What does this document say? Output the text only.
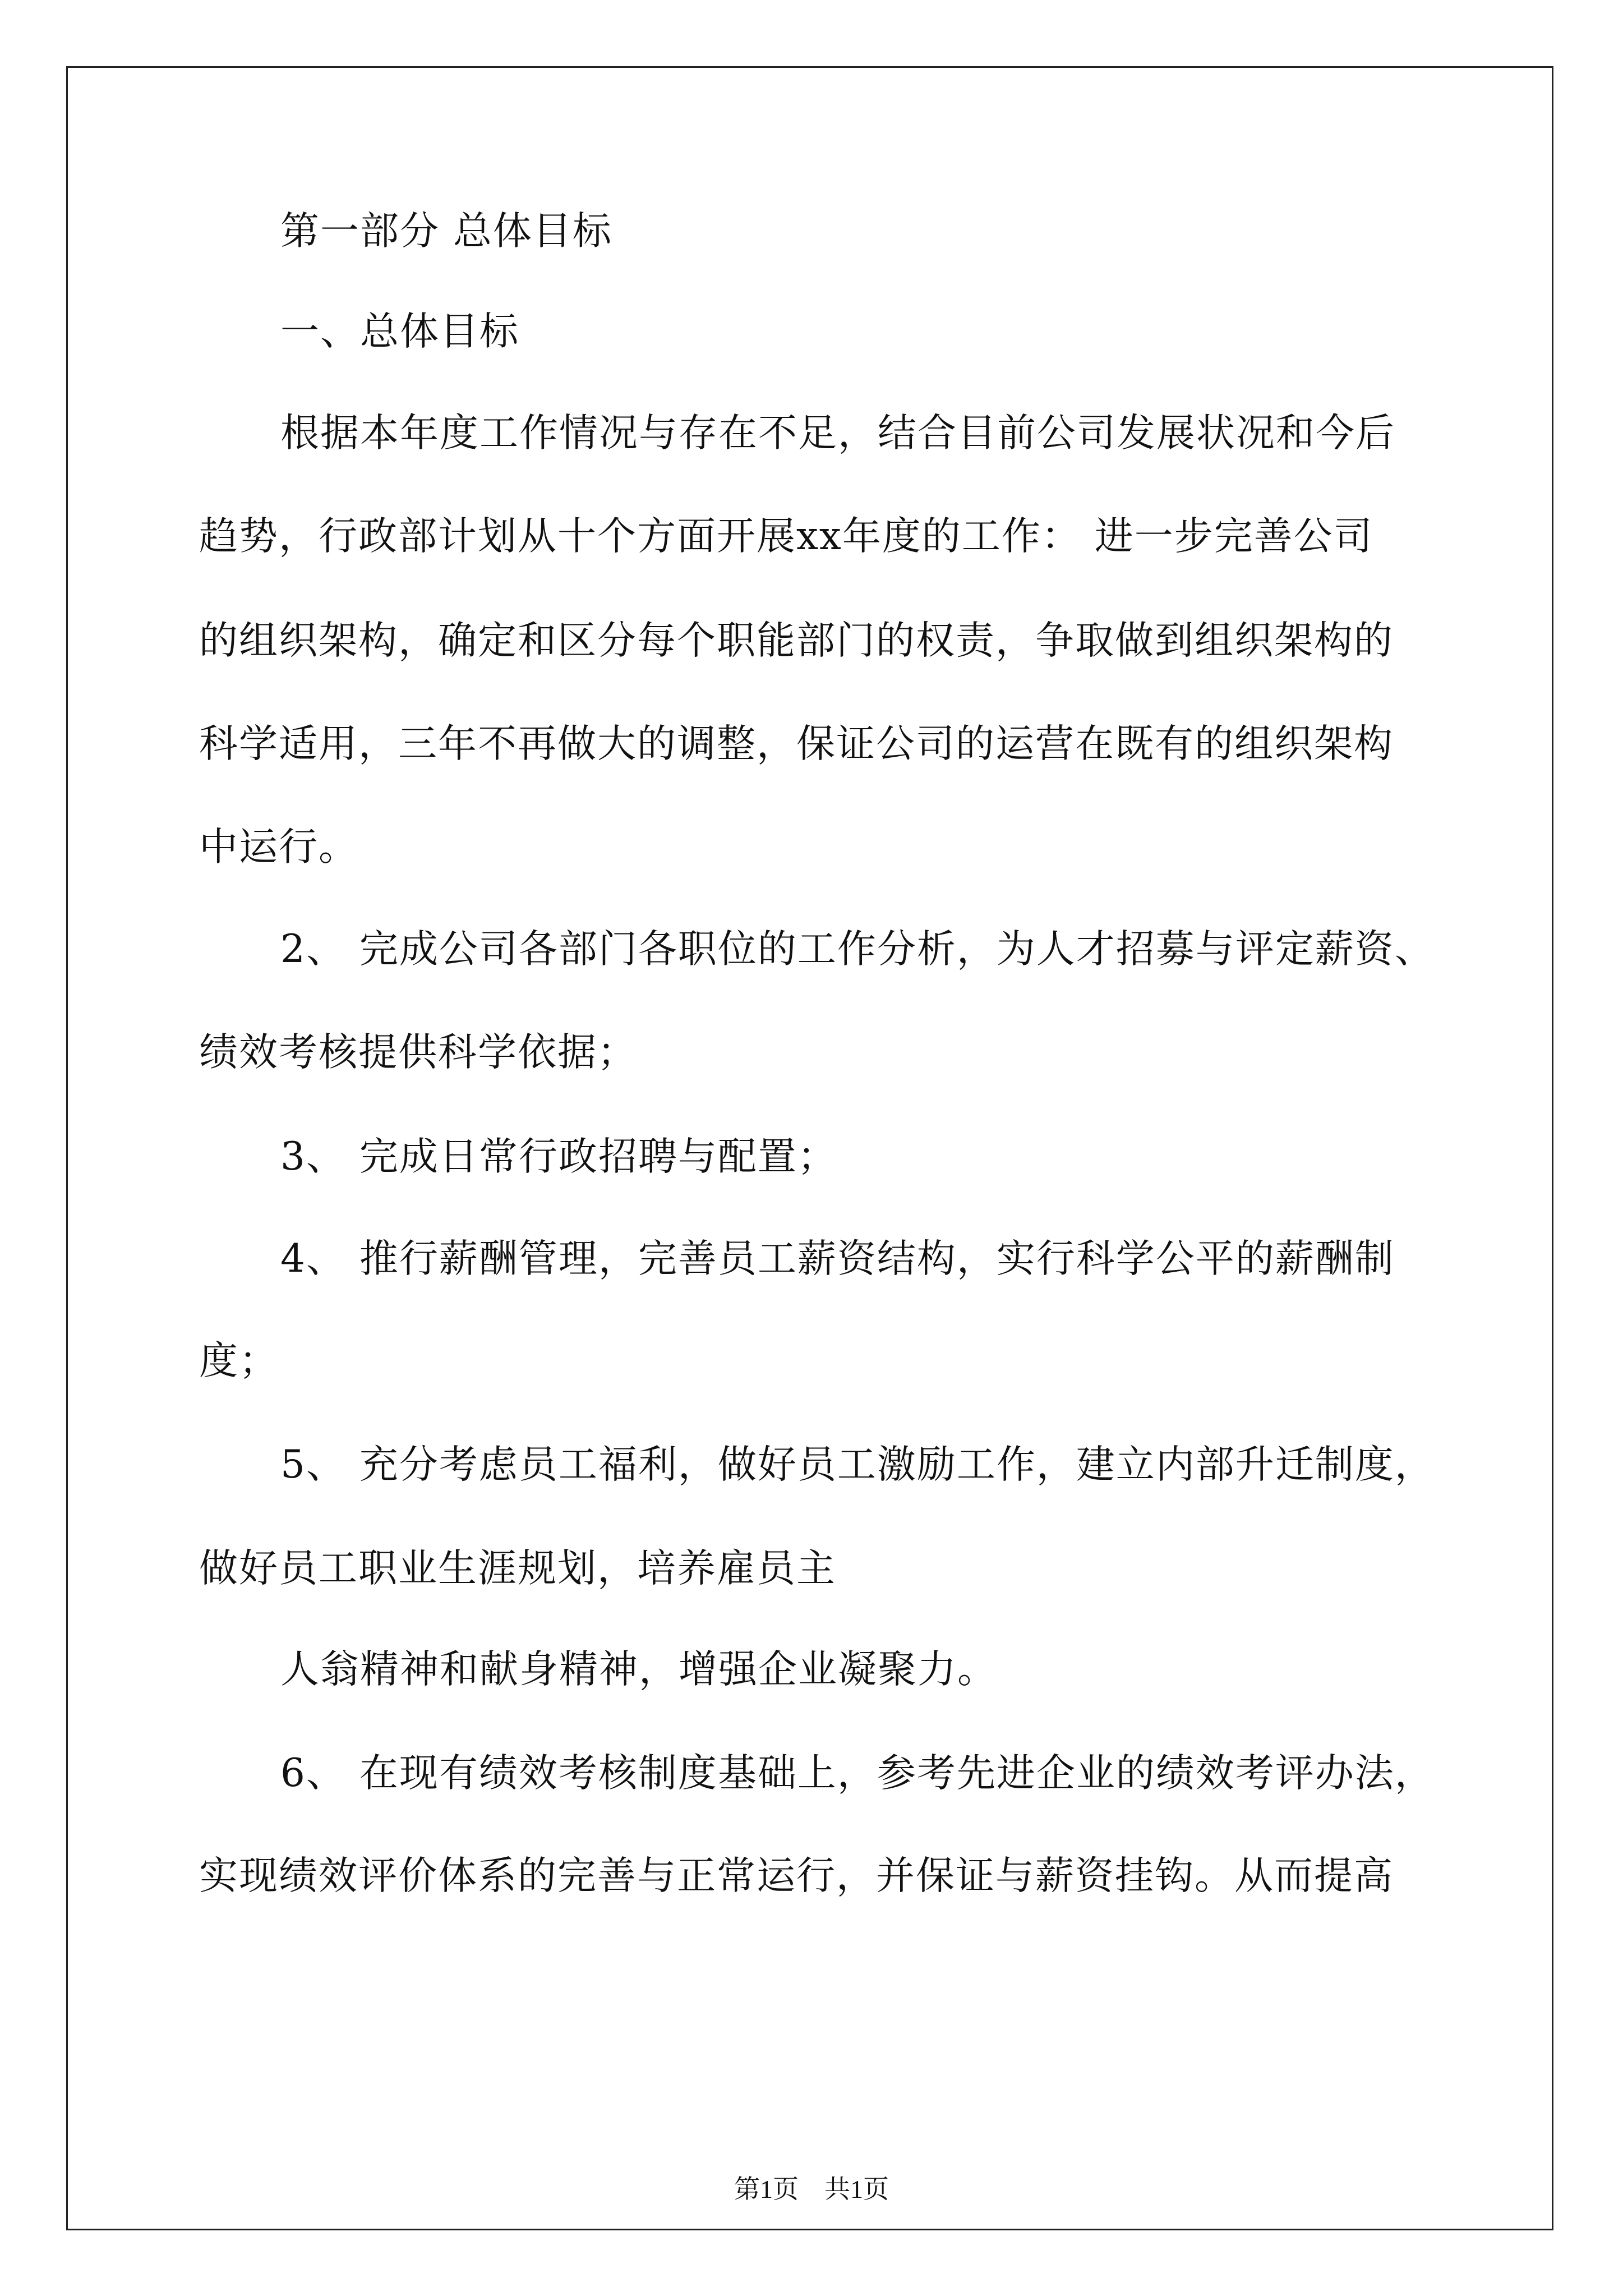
第一部分 总体目标
一、总体目标
根据本年度工作情况与存在不足，结合目前公司发展状况和今后
趋势，行政部计划从十个方面开展xx年度的工作： 进一步完善公司
的组织架构，确定和区分每个职能部门的权责，争取做到组织架构的
科学适用，三年不再做大的调整，保证公司的运营在既有的组织架构
中运行。
2、 完成公司各部门各职位的工作分析，为人才招募与评定薪资、
绩效考核提供科学依据；
3、 完成日常行政招聘与配置；
4、 推行薪酬管理，完善员工薪资结构，实行科学公平的薪酬制
度；
5、 充分考虑员工福利，做好员工激励工作，建立内部升迁制度，
做好员工职业生涯规划，培养雇员主
人翁精神和献身精神，增强企业凝聚力。
6、 在现有绩效考核制度基础上，参考先进企业的绩效考评办法，
实现绩效评价体系的完善与正常运行，并保证与薪资挂钩。从而提高
第1页　共1页
